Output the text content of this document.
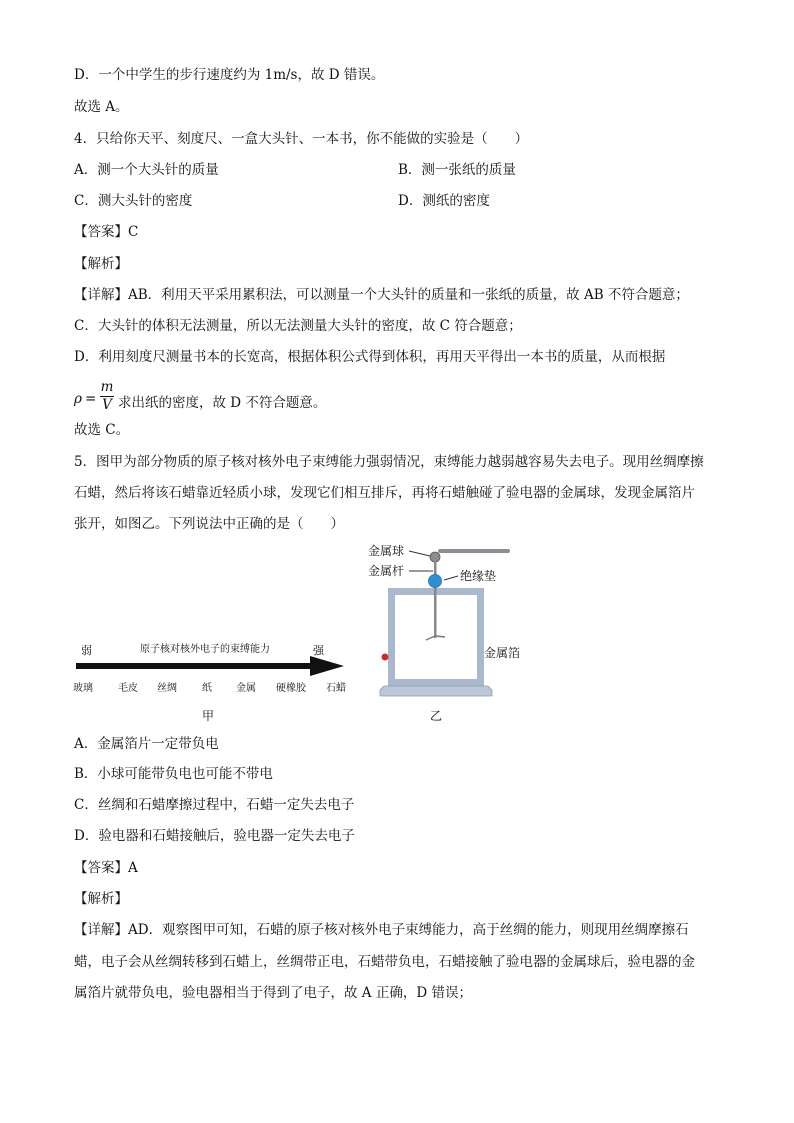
D．一个中学生的步行速度约为 1m/s，故 D 错误。
故选 A。
4．只给你天平、刻度尺、一盒大头针、一本书，你不能做的实验是（　　）
A．测一个大头针的质量	B．测一张纸的质量
C．测大头针的密度	D．测纸的密度
【答案】C
【解析】
【详解】AB．利用天平采用累积法，可以测量一个大头针的质量和一张纸的质量，故 AB 不符合题意；
C．大头针的体积无法测量，所以无法测量大头针的密度，故 C 符合题意；
D．利用刻度尺测量书本的长宽高，根据体积公式得到体积，再用天平得出一本书的质量，从而根据
ρ =
m
V 求出纸的密度，故 D 不符合题意。
故选 C。
5．图甲为部分物质的原子核对核外电子束缚能力强弱情况，束缚能力越弱越容易失去电子。现用丝绸摩擦
石蜡，然后将该石蜡靠近轻质小球，发现它们相互排斥，再将石蜡触碰了验电器的金属球，发现金属箔片
张开，如图乙。下列说法中正确的是（　　）
弱	原子核对核外电子的束缚能力	强
玻璃	毛皮 丝绸	纸 金属 硬橡胶 石蜡
甲
金属球
金属杆	绝缘垫
金属箔
乙
A．金属箔片一定带负电
B．小球可能带负电也可能不带电
C．丝绸和石蜡摩擦过程中，石蜡一定失去电子
D．验电器和石蜡接触后，验电器一定失去电子
【答案】A
【解析】
【详解】AD．观察图甲可知，石蜡的原子核对核外电子束缚能力，高于丝绸的能力，则现用丝绸摩擦石
蜡，电子会从丝绸转移到石蜡上，丝绸带正电，石蜡带负电，石蜡接触了验电器的金属球后，验电器的金
属箔片就带负电，验电器相当于得到了电子，故 A 正确，D 错误；
